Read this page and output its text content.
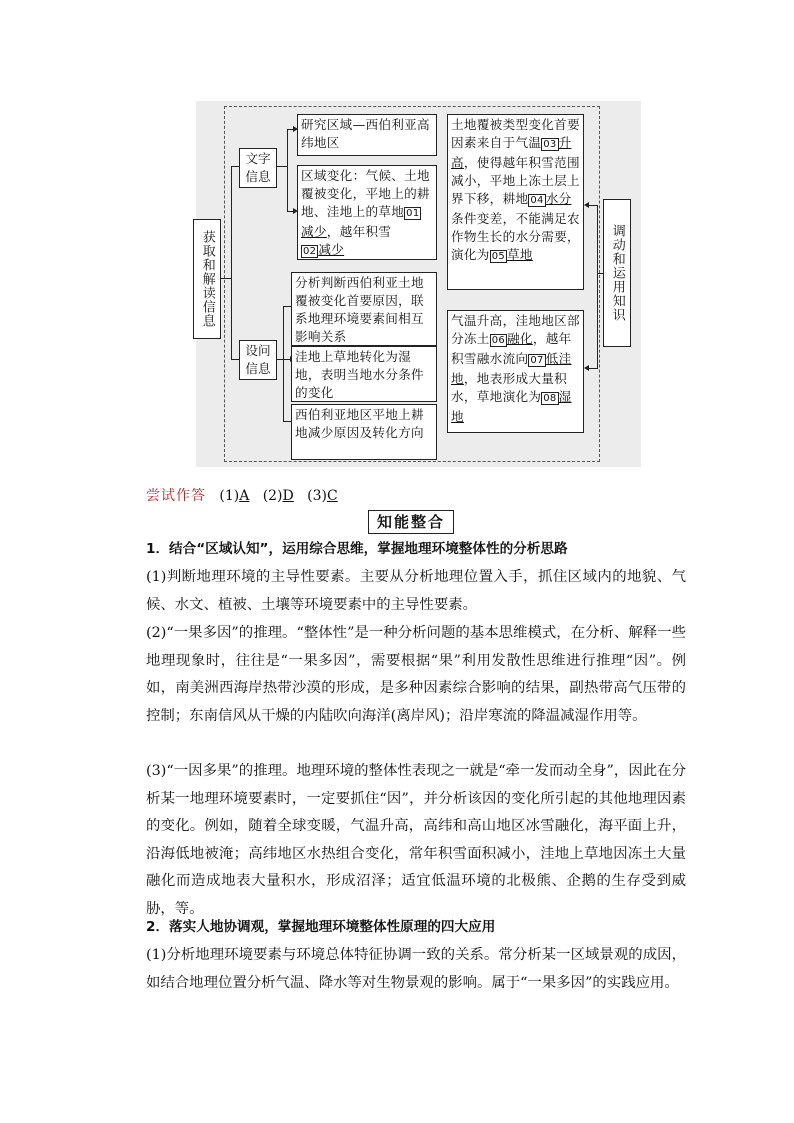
获取和解读信息	调动和运用知识
文字信息
研究区域—西伯利亚高纬地区
区域变化：气候、土地覆被变化，平地上的耕地、洼地上的草地 01减少，越年积雪
02 减少
设问信息
分析判断西伯利亚土地覆被变化首要原因，联系地理环境要素间相互影响关系
洼地上草地转化为湿地，表明当地水分条件的变化
西伯利亚地区平地上耕地减少原因及转化方向
土地覆被类型变化首要因素来自于气温 03 升高，使得越年积雪范围减小，平地上冻土层上界下移，耕地 04 水分条件变差，不能满足农作物生长的水分需要，演化为 05 草地
气温升高，洼地地区部分冻土 06 融化，越年积雪融水流向 07 低洼地，地表形成大量积水，草地演化为 08 湿地
尝试作答 (1)A (2)D (3)C
知能整合

1．结合“区域认知”，运用综合思维，掌握地理环境整体性的分析思路

(1)判断地理环境的主导性要素。主要从分析地理位置入手，抓住区域内的地貌、气候、水文、植被、土壤等环境要素中的主导性要素。

(2)“一果多因”的推理。“整体性”是一种分析问题的基本思维模式，在分析、解释一些地理现象时，往往是“一果多因”，需要根据“果”利用发散性思维进行推理“因”。例如，南美洲西海岸热带沙漠的形成，是多种因素综合影响的结果，副热带高气压带的控制；东南信风从干燥的内陆吹向海洋(离岸风)；沿岸寒流的降温减湿作用等。

(3)“一因多果”的推理。地理环境的整体性表现之一就是“牵一发而动全身”，因此在分析某一地理环境要素时，一定要抓住“因”，并分析该因的变化所引起的其他地理因素的变化。例如，随着全球变暖，气温升高，高纬和高山地区冰雪融化，海平面上升，沿海低地被淹；高纬地区水热组合变化，常年积雪面积减小，洼地上草地因冻土大量融化而造成地表大量积水，形成沼泽；适宜低温环境的北极熊、企鹅的生存受到威胁，等。

2．落实人地协调观，掌握地理环境整体性原理的四大应用

(1)分析地理环境要素与环境总体特征协调一致的关系。常分析某一区域景观的成因，如结合地理位置分析气温、降水等对生物景观的影响。属于“一果多因”的实践应用。
